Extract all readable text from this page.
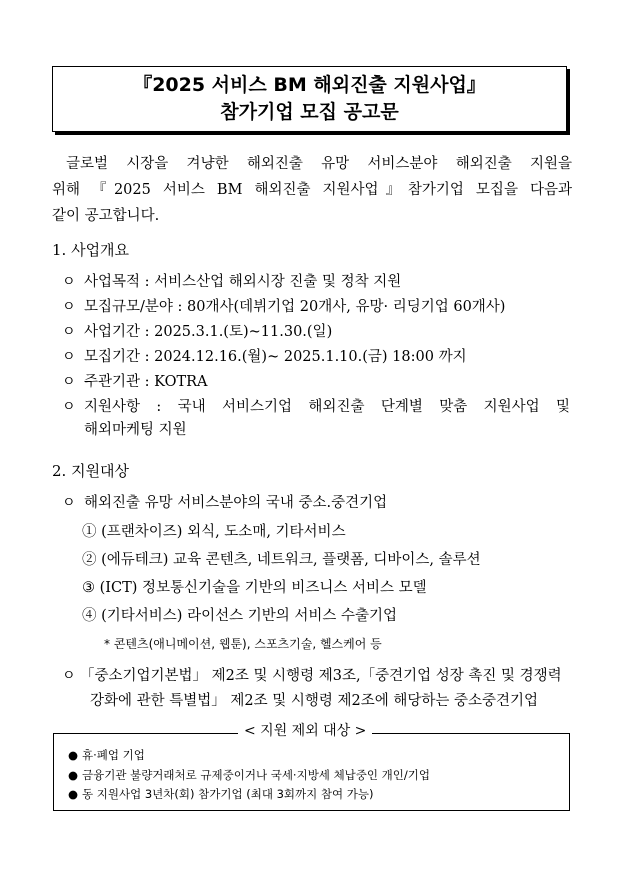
『2025 서비스 BM 해외진출 지원사업』
참가기업 모집 공고문

글로벌 시장을 겨냥한 해외진출 유망 서비스분야 해외진출 지원을
위해 『2025 서비스 BM 해외진출 지원사업』참가기업 모집을 다음과
같이 공고합니다.

1. 사업개요
ㅇ 사업목적 : 서비스산업 해외시장 진출 및 정착 지원
ㅇ 모집규모/분야 : 80개사(데뷔기업 20개사, 유망· 리딩기업 60개사)
ㅇ 사업기간 : 2025.3.1.(토)~11.30.(일)
ㅇ 모집기간 : 2024.12.16.(월)~ 2025.1.10.(금) 18:00 까지
ㅇ 주관기관 : KOTRA
ㅇ 지원사항 : 국내 서비스기업 해외진출 단계별 맞춤 지원사업 및
해외마케팅 지원
2. 지원대상
ㅇ 해외진출 유망 서비스분야의 국내 중소.중견기업
① (프랜차이즈) 외식, 도소매, 기타서비스
② (에듀테크) 교육 콘텐츠, 네트워크, 플랫폼, 디바이스, 솔루션
③ (ICT) 정보통신기술을 기반의 비즈니스 서비스 모델
④ (기타서비스) 라이선스 기반의 서비스 수출기업
* 콘텐츠(애니메이션, 웹툰), 스포츠기술, 헬스케어 등
ㅇ 「중소기업기본법」 제2조 및 시행령 제3조,「중견기업 성장 촉진 및 경쟁력
강화에 관한 특별법」 제2조 및 시행령 제2조에 해당하는 중소중견기업
< 지원 제외 대상 >
● 휴·폐업 기업
● 금융기관 불량거래처로 규제중이거나 국세·지방세 체납중인 개인/기업
● 동 지원사업 3년차(회) 참가기업 (최대 3회까지 참여 가능)
